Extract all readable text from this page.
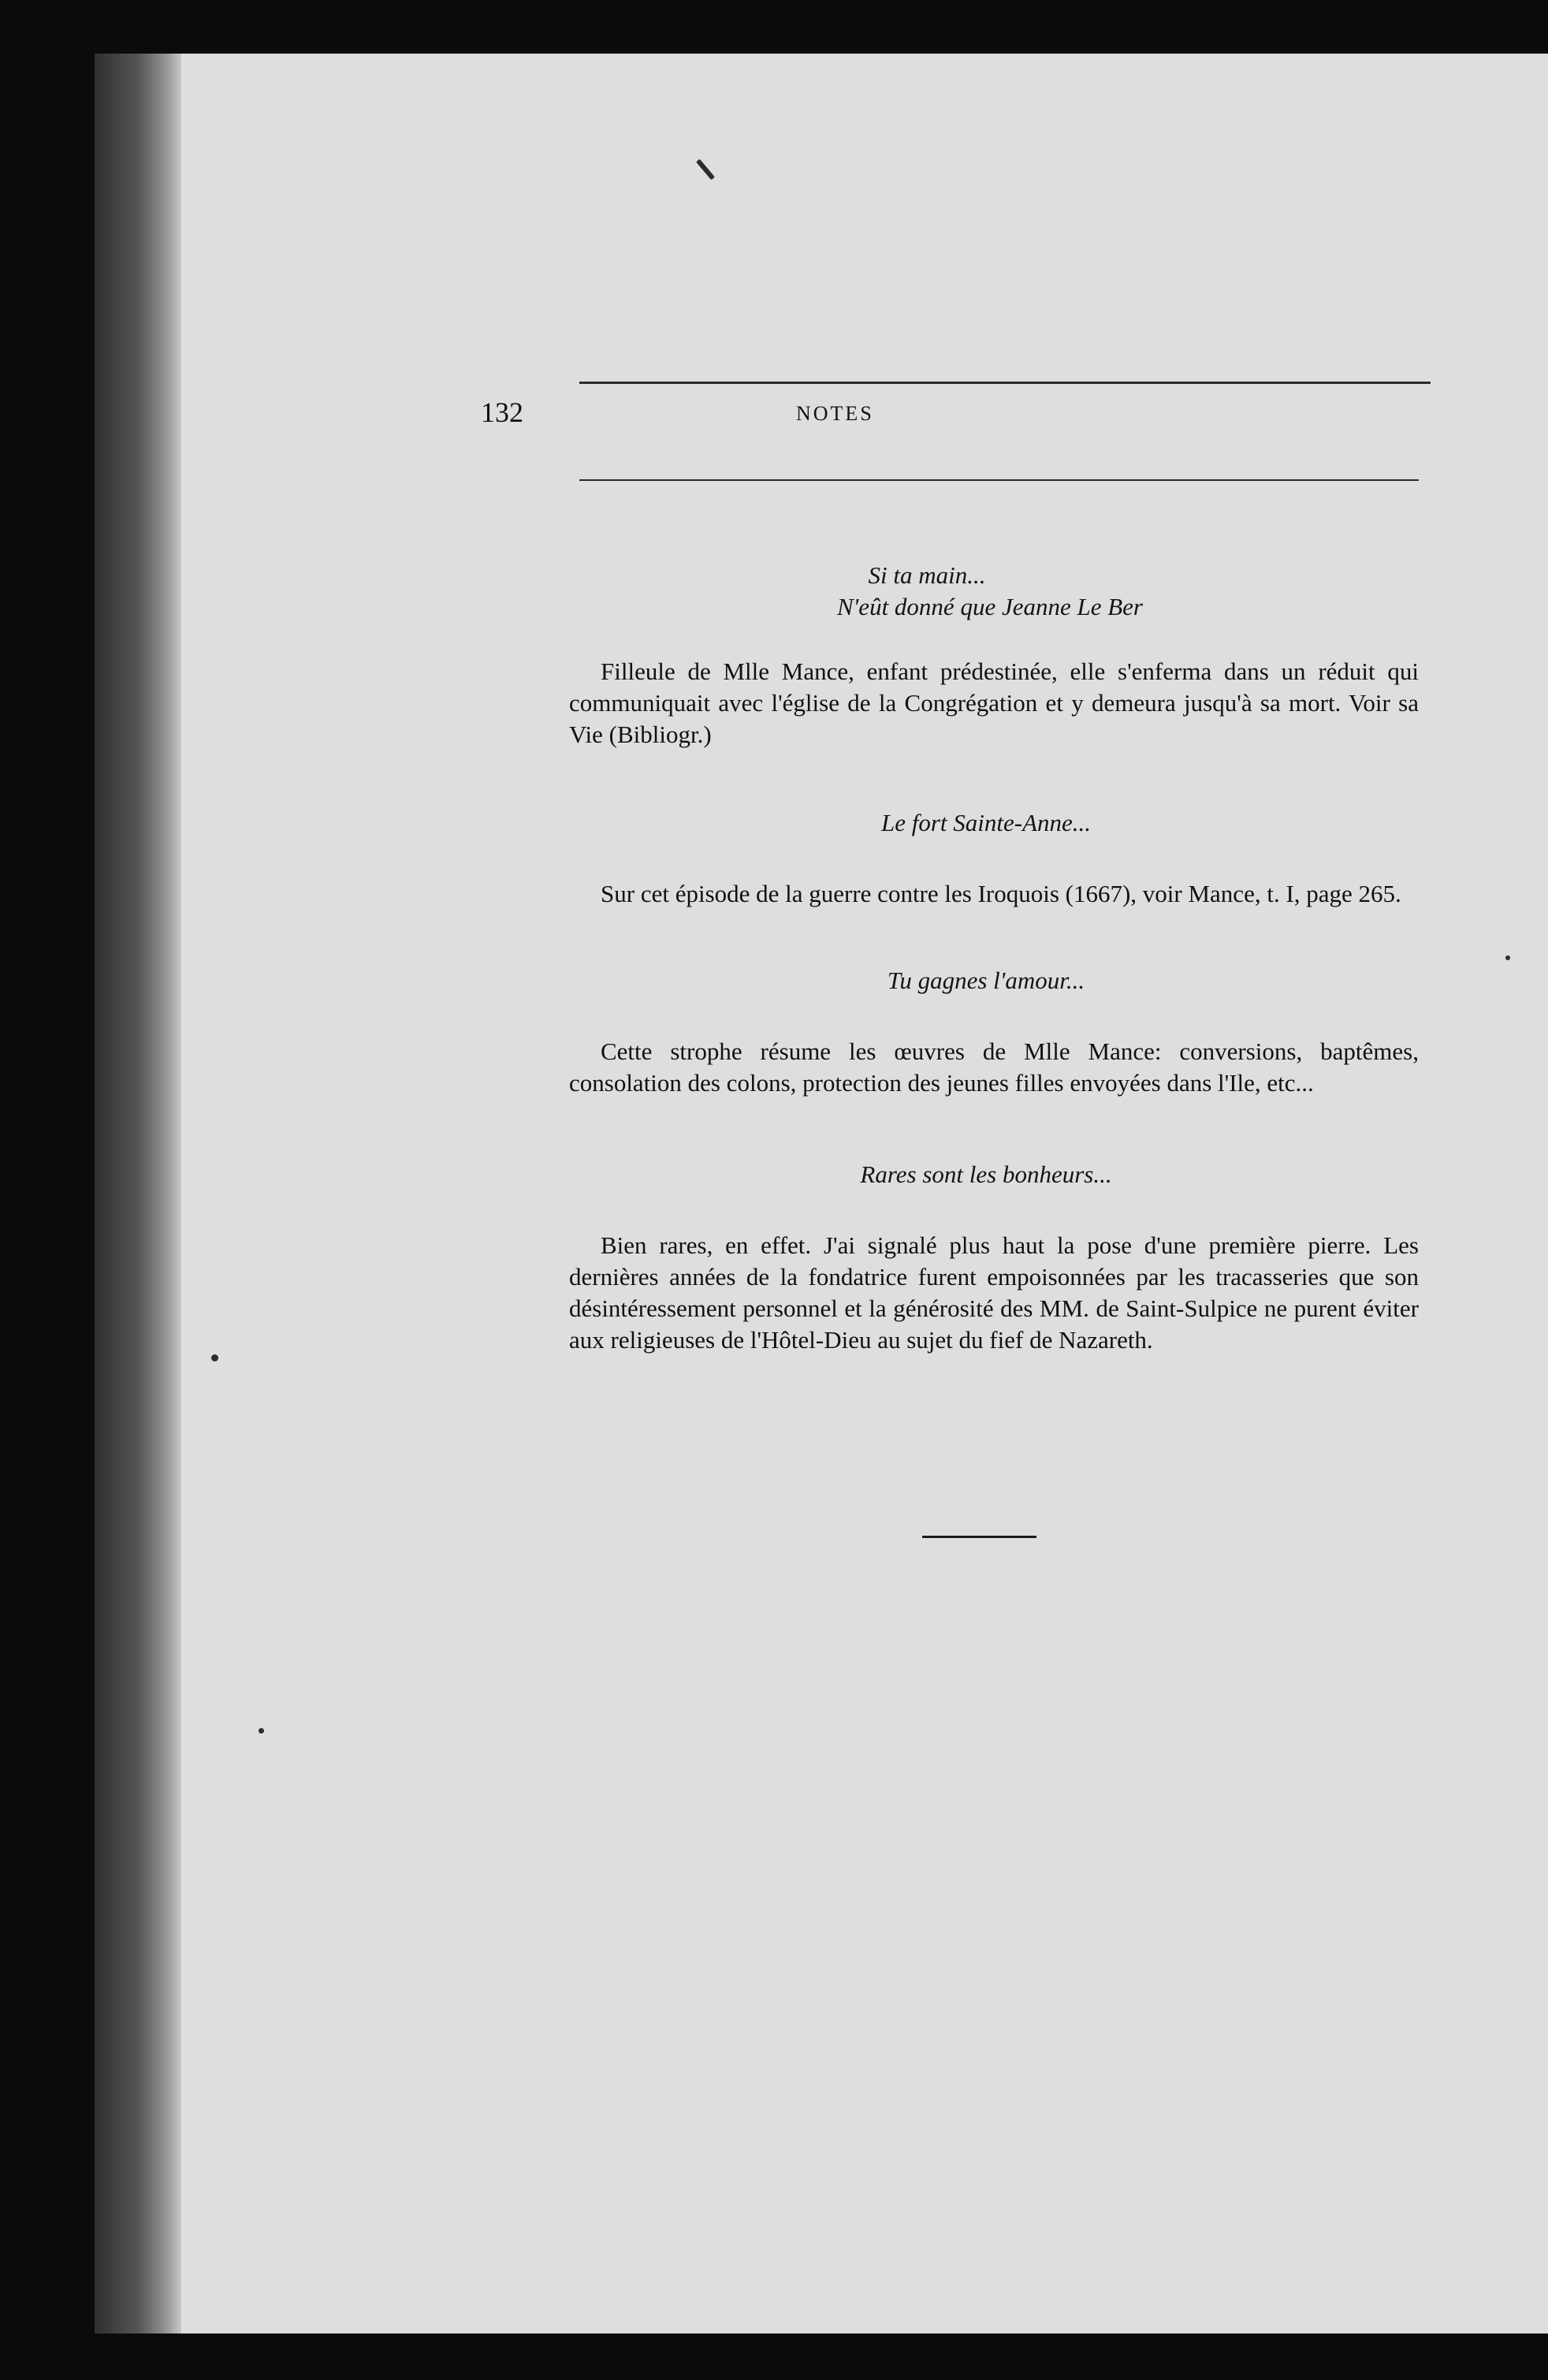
132	NOTES

Si ta main...

N'eût donné que Jeanne Le Ber

Filleule de Mlle Mance, enfant prédestinée, elle s'enferma dans un réduit qui communiquait avec l'église de la Congrégation et y demeura jusqu'à sa mort. Voir sa Vie (Bibliogr.)

Le fort Sainte-Anne...

Sur cet épisode de la guerre contre les Iroquois (1667), voir Mance, t. I, page 265.

Tu gagnes l'amour...

Cette strophe résume les œuvres de Mlle Mance: conversions, baptêmes, consolation des colons, protection des jeunes filles envoyées dans l'Ile, etc...

Rares sont les bonheurs...

Bien rares, en effet. J'ai signalé plus haut la pose d'une première pierre. Les dernières années de la fondatrice furent empoisonnées par les tracasseries que son désintéressement personnel et la générosité des MM. de Saint-Sulpice ne purent éviter aux religieuses de l'Hôtel-Dieu au sujet du fief de Nazareth.
